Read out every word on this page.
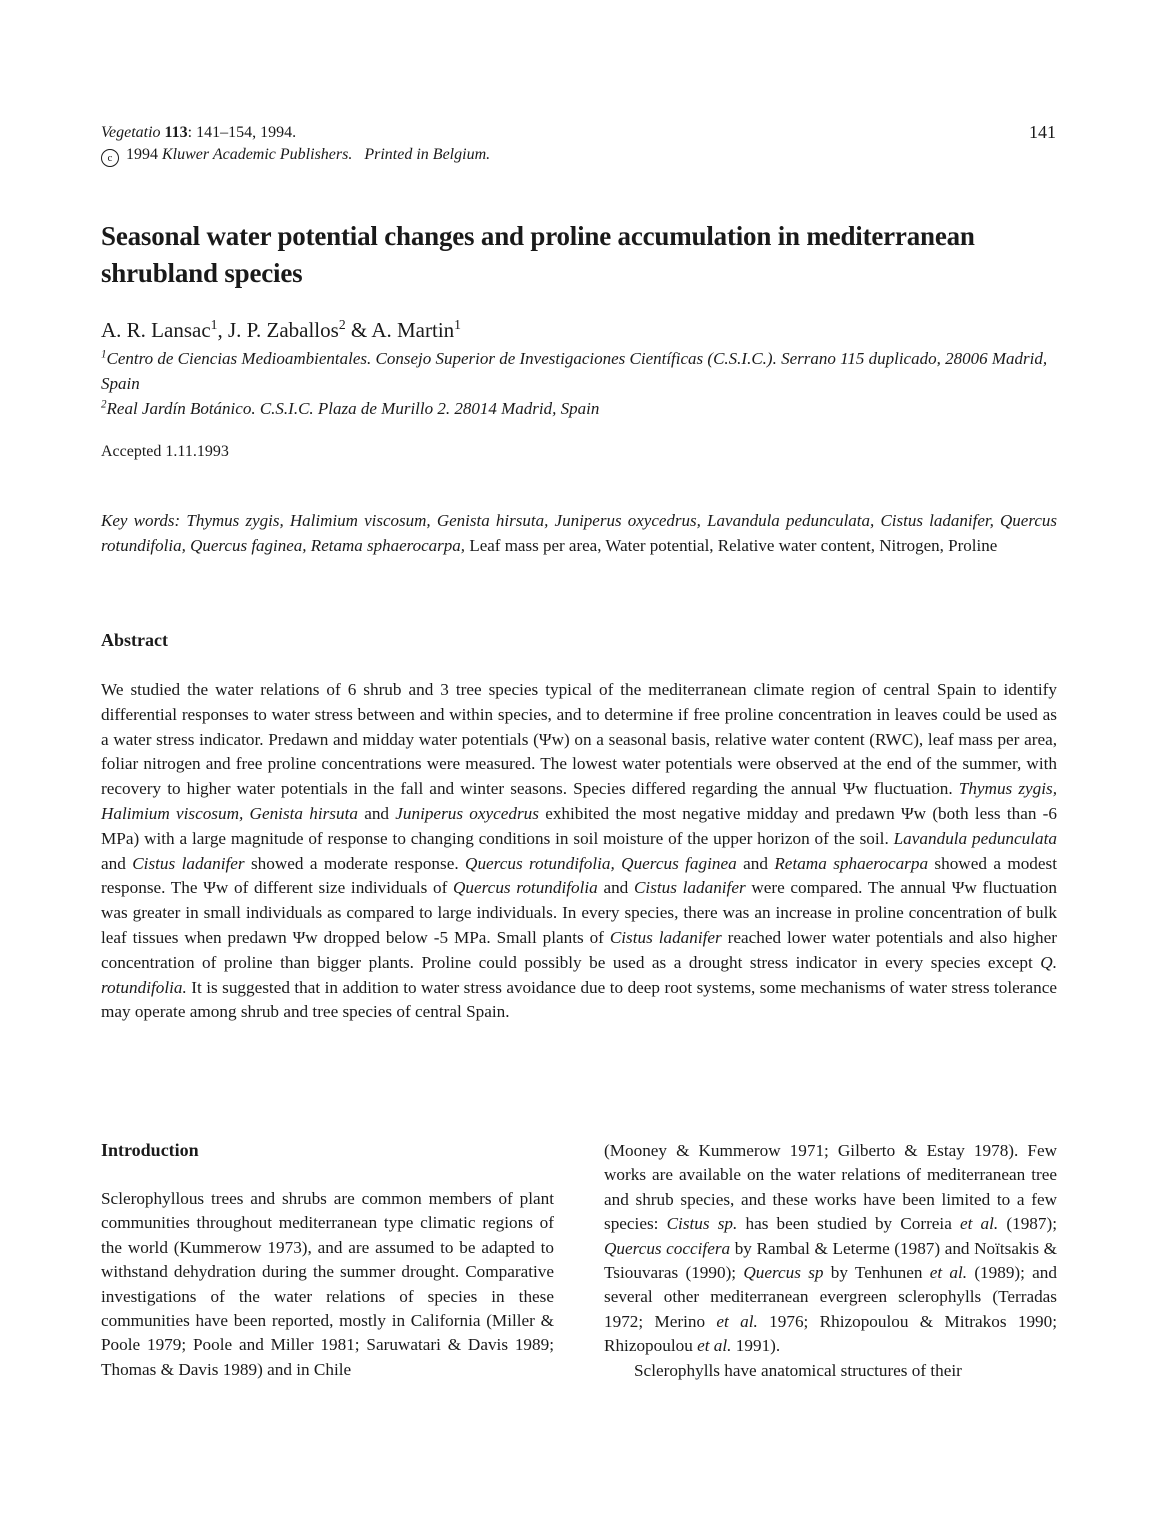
Vegetatio 113: 141–154, 1994.
c 1994 Kluwer Academic Publishers. Printed in Belgium.
141
Seasonal water potential changes and proline accumulation in mediterranean shrubland species
A. R. Lansac$^1$, J. P. Zaballos$^2$ & A. Martin$^1$
$^1$Centro de Ciencias Medioambientales. Consejo Superior de Investigaciones Científicas (C.S.I.C.). Serrano 115 duplicado, 28006 Madrid, Spain
$^2$Real Jardín Botánico. C.S.I.C. Plaza de Murillo 2. 28014 Madrid, Spain
Accepted 1.11.1993
Key words: Thymus zygis, Halimium viscosum, Genista hirsuta, Juniperus oxycedrus, Lavandula pedunculata, Cistus ladanifer, Quercus rotundifolia, Quercus faginea, Retama sphaerocarpa, Leaf mass per area, Water potential, Relative water content, Nitrogen, Proline
Abstract
We studied the water relations of 6 shrub and 3 tree species typical of the mediterranean climate region of central Spain to identify differential responses to water stress between and within species, and to determine if free proline concentration in leaves could be used as a water stress indicator. Predawn and midday water potentials (Ψw) on a seasonal basis, relative water content (RWC), leaf mass per area, foliar nitrogen and free proline concentrations were measured. The lowest water potentials were observed at the end of the summer, with recovery to higher water potentials in the fall and winter seasons. Species differed regarding the annual Ψw fluctuation. Thymus zygis, Halimium viscosum, Genista hirsuta and Juniperus oxycedrus exhibited the most negative midday and predawn Ψw (both less than -6 MPa) with a large magnitude of response to changing conditions in soil moisture of the upper horizon of the soil. Lavandula pedunculata and Cistus ladanifer showed a moderate response. Quercus rotundifolia, Quercus faginea and Retama sphaerocarpa showed a modest response. The Ψw of different size individuals of Quercus rotundifolia and Cistus ladanifer were compared. The annual Ψw fluctuation was greater in small individuals as compared to large individuals. In every species, there was an increase in proline concentration of bulk leaf tissues when predawn Ψw dropped below -5 MPa. Small plants of Cistus ladanifer reached lower water potentials and also higher concentration of proline than bigger plants. Proline could possibly be used as a drought stress indicator in every species except Q. rotundifolia. It is suggested that in addition to water stress avoidance due to deep root systems, some mechanisms of water stress tolerance may operate among shrub and tree species of central Spain.
Introduction

Sclerophyllous trees and shrubs are common members of plant communities throughout mediterranean type climatic regions of the world (Kummerow 1973), and are assumed to be adapted to withstand dehydration during the summer drought. Comparative investigations of the water relations of species in these communities have been reported, mostly in California (Miller & Poole 1979; Poole and Miller 1981; Saruwatari & Davis 1989; Thomas & Davis 1989) and in Chile

(Mooney & Kummerow 1971; Gilberto & Estay 1978). Few works are available on the water relations of mediterranean tree and shrub species, and these works have been limited to a few species: Cistus sp. has been studied by Correia et al. (1987); Quercus coccifera by Rambal & Leterme (1987) and Noïtsakis & Tsiouvaras (1990); Quercus sp by Tenhunen et al. (1989); and several other mediterranean evergreen sclerophylls (Terradas 1972; Merino et al. 1976; Rhizopoulou & Mitrakos 1990; Rhizopoulou et al. 1991).

Sclerophylls have anatomical structures of their
